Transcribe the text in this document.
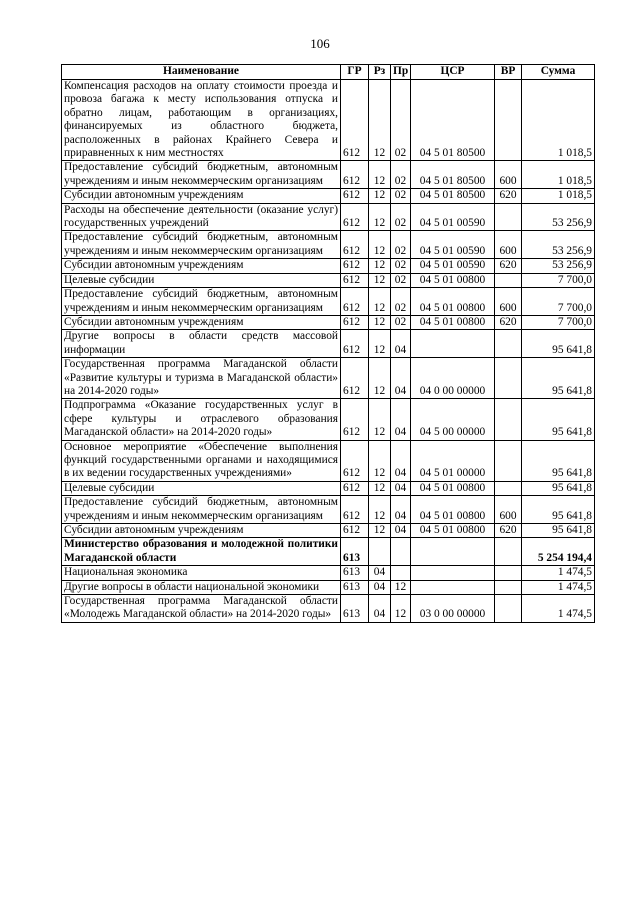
106
Наименование	ГР	Рз	Пр	ЦСР	ВР	Сумма
Компенсация расходов на оплату стоимости проезда и провоза багажа к месту использования отпуска и обратно лицам, работающим в организациях, финансируемых из областного бюджета, расположенных в районах Крайнего Севера и приравненных к ним местностях	612	12	02	04 5 01 80500		1 018,5
Предоставление субсидий бюджетным, автономным учреждениям и иным некоммерческим организациям	612	12	02	04 5 01 80500	600	1 018,5
Субсидии автономным учреждениям	612	12	02	04 5 01 80500	620	1 018,5
Расходы на обеспечение деятельности (оказание услуг) государственных учреждений	612	12	02	04 5 01 00590		53 256,9
Предоставление субсидий бюджетным, автономным учреждениям и иным некоммерческим организациям	612	12	02	04 5 01 00590	600	53 256,9
Субсидии автономным учреждениям	612	12	02	04 5 01 00590	620	53 256,9
Целевые субсидии	612	12	02	04 5 01 00800		7 700,0
Предоставление субсидий бюджетным, автономным учреждениям и иным некоммерческим организациям	612	12	02	04 5 01 00800	600	7 700,0
Субсидии автономным учреждениям	612	12	02	04 5 01 00800	620	7 700,0
Другие вопросы в области средств массовой информации	612	12	04			95 641,8
Государственная программа Магаданской области «Развитие культуры и туризма в Магаданской области» на 2014-2020 годы»	612	12	04	04 0 00 00000		95 641,8
Подпрограмма «Оказание государственных услуг в сфере культуры и отраслевого образования Магаданской области» на 2014-2020 годы»	612	12	04	04 5 00 00000		95 641,8
Основное мероприятие «Обеспечение выполнения функций государственными органами и находящимися в их ведении государственных учреждениями»	612	12	04	04 5 01 00000		95 641,8
Целевые субсидии	612	12	04	04 5 01 00800		95 641,8
Предоставление субсидий бюджетным, автономным учреждениям и иным некоммерческим организациям	612	12	04	04 5 01 00800	600	95 641,8
Субсидии автономным учреждениям	612	12	04	04 5 01 00800	620	95 641,8
Министерство образования и молодежной политики Магаданской области	613					5 254 194,4
Национальная экономика	613	04				1 474,5
Другие вопросы в области национальной экономики	613	04	12			1 474,5
Государственная программа Магаданской области «Молодежь Магаданской области» на 2014-2020 годы»	613	04	12	03 0 00 00000		1 474,5
